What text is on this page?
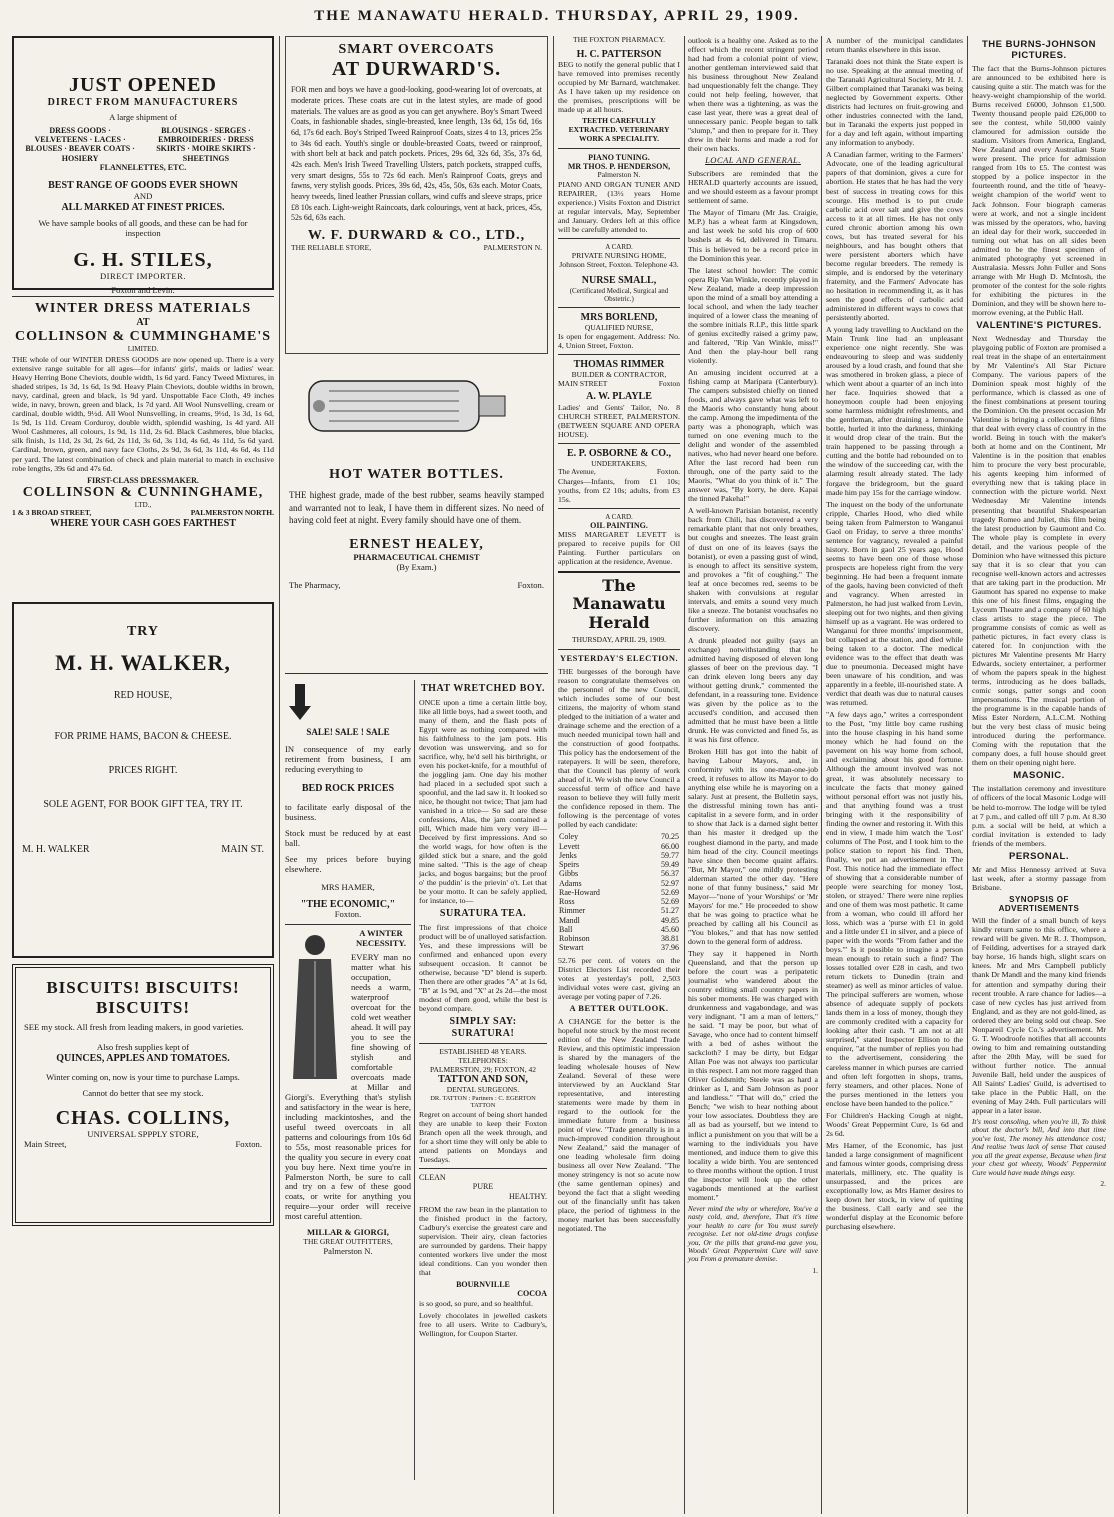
THE MANAWATU HERALD. THURSDAY, APRIL 29, 1909.
JUST OPENED
DIRECT FROM MANUFACTURERS
A large shipment of
DRESS GOODS · VELVETEENS · LACES · BLOUSES · BEAVER COATS · HOSIERY
BLOUSINGS · SERGES · EMBROIDERIES · DRESS SKIRTS · MOIRE SKIRTS · SHEETINGS
FLANNELETTES, ETC.
BEST RANGE OF GOODS EVER SHOWN
AND
ALL MARKED AT FINEST PRICES.
We have sample books of all goods, and these can be had for inspection
G. H. STILES,
DIRECT IMPORTER.
Foxton and Levin.
WINTER DRESS MATERIALS
AT
COLLINSON & CUMMINGHAME'S
LIMITED.
THE whole of our WINTER DRESS GOODS are now opened up. There is a very extensive range suitable for all ages—for infants' girls', maids or ladies' wear. Heavy Herring Bone Cheviots, double width, 1s 6d yard. Fancy Tweed Mixtures, in shaded stripes, 1s 3d, 1s 6d, 1s 9d. Heavy Plain Cheviots, double widths in brown, navy, cardinal, green and black, 1s 9d yard. Unspottable Face Cloth, 49 inches wide, in navy, brown, green and black, 1s 7d yard. All Wool Nunsvelling, cream or cardinal, double width, 9½d. All Wool Nunsvelling, in creams, 9½d, 1s 3d, 1s 6d, 1s 9d, 1s 11d. Cream Corduroy, double width, splendid washing, 1s 4d yard. All Wool Cashmeres, all colours, 1s 9d, 1s 11d, 2s 6d. Black Cashmeres, blue blacks, silk finish, 1s 11d, 2s 3d, 2s 6d, 2s 11d, 3s 6d, 3s 11d, 4s 6d, 4s 11d, 5s 6d yard. Cardinal, brown, green, and navy face Cloths, 2s 9d, 3s 6d, 3s 11d, 4s 6d, 4s 11d per yard. The latest combination of check and plain material to match in exclusive robe lengths, 39s 6d and 47s 6d.
FIRST-CLASS DRESSMAKER.
COLLINSON & CUNNINGHAME,
LTD.,
1 & 3 BROAD STREET,	PALMERSTON NORTH.
WHERE YOUR CASH GOES FARTHEST
TRY
M. H. WALKER,
RED HOUSE,
FOR PRIME HAMS, BACON & CHEESE.
PRICES RIGHT.
SOLE AGENT, FOR BOOK GIFT TEA, TRY IT.
M. H. WALKER	MAIN ST.
BISCUITS! BISCUITS! BISCUITS!
SEE my stock. All fresh from leading makers, in good varieties.
Also fresh supplies kept of
QUINCES, APPLES AND TOMATOES.
Winter coming on, now is your time to purchase Lamps.
Cannot do better that see my stock.
CHAS. COLLINS,
UNIVERSAL SPPPLY STORE,
Main Street,	Foxton.
SMART OVERCOATS
AT DURWARD'S.
FOR men and boys we have a good-looking, good-wearing lot of overcoats, at moderate prices. These coats are cut in the latest styles, are made of good materials. The values are as good as you can get anywhere. Boy's Smart Tweed Coats, in fashionable shades, single-breasted, knee length, 13s 6d, 15s 6d, 16s 6d, 17s 6d each. Boy's Striped Tweed Rainproof Coats, sizes 4 to 13, prices 25s to 34s 6d each. Youth's single or double-breasted Coats, tweed or rainproof, with short belt at back and patch pockets. Prices, 29s 6d, 32s 6d, 35s, 37s 6d, 42s each. Men's Irish Tweed Travelling Ulsters, patch pockets, strapped cuffs, very smart designs, 55s to 72s 6d each. Men's Rainproof Coats, greys and fawns, very stylish goods. Prices, 39s 6d, 42s, 45s, 50s, 63s each. Motor Coats, heavy tweeds, lined leather Prussian collars, wind cuffs and sleeve straps, price £8 10s each. Light-weight Raincoats, dark colourings, vent at back, prices, 45s, 52s 6d, 63s each.
W. F. DURWARD & CO., LTD.,
THE RELIABLE STORE,	PALMERSTON N.
HOT WATER BOTTLES.
THE highest grade, made of the best rubber, seams heavily stamped and warranted not to leak, I have them in different sizes. No need of having cold feet at night. Every family should have one of them.
ERNEST HEALEY,
PHARMACEUTICAL CHEMIST
(By Exam.)
The Pharmacy,	Foxton.
SALE! SALE ! SALE
IN consequence of my early retirement from business, I am reducing everything to
BED ROCK PRICES
to facilitate early disposal of the business.
Stock must be reduced by at east ball.
See my prices before buying elsewhere.
MRS HAMER,
"THE ECONOMIC,"
Foxton.
A WINTER NECESSITY.
EVERY man no matter what his occupation, needs a warm, waterproof overcoat for the cold wet weather ahead. It will pay you to see the fine showing of stylish and comfortable overcoats made at Millar and Giorgi's. Everything that's stylish and satisfactory in the wear is here, including mackintoshes, and the useful tweed overcoats in all patterns and colourings from 10s 6d to 55s, most reasonable prices for the quality you secure in every coat you buy here. Next time you're in Palmerston North, be sure to call and try on a few of these good coats, or write for anything you require—your order will receive most careful attention.
MILLAR & GIORGI,
THE GREAT OUTFITTERS,
Palmerston N.
THAT WRETCHED BOY.
ONCE upon a time a certain little boy, like all little boys, had a sweet tooth, and many of them, and the flash pots of Egypt were as nothing compared with his faithfulness to the jam pots. His devotion was unswerving, and so for sacrifice, why, he'd sell his birthright, or even his pocket-knife, for a mouthful of the joggling jam. One day his mother had placed in a secluded spot such a spoonful, and the lad saw it. It looked so nice, he thought not twice; That jam had vanished in a trice— So sad are these confessions, Alas, the jam contained a pill, Which made him very very ill— Deceived by first impressions. And so the world wags, for how often is the gilded stick but a snare, and the gold mine salted. "This is the age of cheap jacks, and bogus bargains; but the proof o' the puddin' is the prievin' o't. Let that be your motto. It can be safely applied, for instance, to—
SURATURA TEA.
The first impressions of that choice product will be of unalloyed satisfaction. Yes, and these impressions will be confirmed and enhanced upon every subsequent occasion. It cannot be otherwise, because "D" blend is superb. Then there are other grades "A" at 1s 6d, "B" at 1s 9d, and "X" at 2s 2d—the most modest of them good, while the best is beyond compare.
SIMPLY SAY: SURATURA!
ESTABLISHED 48 YEARS.
TELEPHONES:
PALMERSTON, 29; FOXTON, 42
TATTON AND SON,
DENTAL SURGEONS.
DR. TATTON : Partners : C. EGERTON TATTON
Regret on account of being short handed they are unable to keep their Foxton Branch open all the week through, and for a short time they will only be able to attend patients on Mondays and Tuesdays.
CLEAN
PURE
HEALTHY.
FROM the raw bean in the plantation to the finished product in the factory, Cadbury's exercise the greatest care and supervision. Their airy, clean factories are surrounded by gardens. Their happy contented workers live under the most ideal conditions. Can you wonder then that
BOURNVILLE
COCOA
is so good, so pure, and so healthful.
Lovely chocolates in jewelled caskets free to all users. Write to Cadbury's, Wellington, for Coupon Starter.
THE FOXTON PHARMACY.
H. C. PATTERSON
BEG to notify the general public that I have removed into premises recently occupied by Mr Barnard, watchmaker. As I have taken up my residence on the premises, prescriptions will be made up at all hours.
TEETH CAREFULLY EXTRACTED. VETERINARY WORK A SPECIALITY.
PIANO TUNING.
MR THOS. P. HENDERSON,
Palmerston N.
PIANO AND ORGAN TUNER AND REPAIRER, (13½ years Home experience.) Visits Foxton and District at regular intervals, May, September and January. Orders left at this office will be carefully attended to.
A CARD.
PRIVATE NURSING HOME, Johnson Street, Foxton. Telephone 43.
NURSE SMALL,
(Certificated Medical, Surgical and Obstetric.)
MRS BORLEND,
QUALIFIED NURSE,
Is open for engagement. Address: No. 4, Union Street, Foxton.
THOMAS RIMMER
BUILDER & CONTRACTOR,
MAIN STREET	Foxton
A. W. PLAYLE
Ladies' and Gents' Tailor, No. 8 CHURCH STREET, PALMERSTON. (BETWEEN SQUARE AND OPERA HOUSE).
E. P. OSBORNE & CO.,
UNDERTAKERS,
The Avenue,	Foxton.
Charges—Infants, from £1 10s; youths, from £2 10s; adults, from £3 15s.
A CARD.
OIL PAINTING.
MISS MARGARET LEVETT is prepared to receive pupils for Oil Painting. Further particulars on application at the residence, Avenue.
The Manawatu Herald
THURSDAY, APRIL 29, 1909.
YESTERDAY'S ELECTION.
THE burgesses of the borough have reason to congratulate themselves on the personnel of the new Council, which includes some of our best citizens, the majority of whom stand pledged to the initiation of a water and drainage scheme and the erection of a much needed municipal town hall and the construction of good footpaths. This policy has the endorsement of the ratepayers. It will be seen, therefore, that the Council has plenty of work ahead of it. We wish the new Council a successful term of office and have reason to believe they will fully merit the confidence reposed in them. The following is the percentage of votes polled by each candidate:
Coley	70.25
Levett	66.00
Jenks	59.77
Speirs	59.49
Gibbs	56.37
Adams	52.97
Rae-Howard	52.69
Ross	52.69
Rimmer	51.27
Mandl	49.85
Ball	45.60
Robinson	38.81
Stewart	37.96
52.76 per cent. of voters on the District Electors List recorded their votes at yesterday's poll, 2,503 individual votes were cast, giving an average per voting paper of 7.26.
A BETTER OUTLOOK.
A CHANGE for the better is the hopeful note struck by the most recent edition of the New Zealand Trade Review, and this optimistic impression is shared by the managers of the leading wholesale houses of New Zealand. Several of these were interviewed by an Auckland Star representative, and interesting statements were made by them in regard to the outlook for the immediate future from a business point of view. "Trade generally is in a much-improved condition throughout New Zealand," said the manager of one leading wholesale firm doing business all over New Zealand. "The money stringency is not so acute now (the same gentleman opines) and beyond the fact that a slight weeding out of the financially unfit has taken place, the period of tightness in the money market has been successfully negotiated. The
outlook is a healthy one. Asked as to the effect which the recent stringent period had had from a colonial point of view, another gentleman interviewed said that his business throughout New Zealand had unquestionably felt the change. They could not help feeling, however, that when there was a tightening, as was the case last year, there was a great deal of unnecessary panic. People began to talk "slump," and then to prepare for it. They drew in their horns and made a rod for their own backs.
LOCAL AND GENERAL.
Subscribers are reminded that the HERALD quarterly accounts are issued, and we should esteem as a favour prompt settlement of same.
The Mayor of Timaru (Mr Jas. Craigie, M.P.) has a wheat farm at Kingsdown, and last week he sold his crop of 600 bushels at 4s 6d, delivered in Timaru. This is believed to be a record price in the Dominion this year.
The latest school howler: The comic opera Rip Van Winkle, recently played in New Zealand, made a deep impression upon the mind of a small boy attending a local school, and when the lady teacher inquired of a lower class the meaning of the sombre initials R.I.P., this little spark of genius excitedly raised a grimy paw, and faltered, "Rip Van Winkle, miss!" And then the play-hour bell rang violently.
An amusing incident occurred at a fishing camp at Maripara (Canterbury). The campers subsisted chiefly on tinned foods, and always gave what was left to the Maoris who constantly hung about the camp. Among the impedimenta of the party was a phonograph, which was turned on one evening much to the delight and wonder of the assembled natives, who had never heard one before. After the last record had been run through, one of the party said to the Maoris, "What do you think of it." The answer was, "By korry, he dere. Kapai the tinned Pakeha!"
A well-known Parisian botanist, recently back from Chili, has discovered a very remarkable plant that not only breathes, but coughs and sneezes. The least grain of dust on one of its leaves (says the botanist), or even a passing gust of wind, is enough to affect its sensitive system, and provokes a "fit of coughing." The leaf at once becomes red, seems to be shaken with convulsions at regular intervals, and emits a sound very much like a sneeze. The botanist vouchsafes no further information on this amazing discovery.
A drunk pleaded not guilty (says an exchange) notwithstanding that he admitted having disposed of eleven long glasses of beer on the previous day. "I can drink eleven long beers any day without getting drunk," commented the defendant, in a reassuring tone. Evidence was given by the police as to the accused's condition, and accused then admitted that he must have been a little drunk. He was convicted and fined 5s, as it was his first offence.
Broken Hill has got into the habit of having Labour Mayors, and, in conformity with its one-man-one-job creed, it refuses to allow its Mayor to do anything else while he is mayoring on a salary. Just at present, the Bulletin says, the distressful mining town has anti-capitalist in a severe form, and in order to show that Jack is a darned sight better than his master it dredged up the roughest diamond in the party, and made him head of the city. Council meetings have since then become quaint affairs. "But, Mr Mayor," one mildly protesting alderman started the other day. "Here none of that funny business," said Mr Mayor—"none of 'your Worships' or 'Mr Mayors' for me." He proceeded to show that he was going to practice what he preached by calling all his Council as "You blokes," and that has now settled down to the general form of address.
They say it happened in North Queensland, and that the person up before the court was a peripatetic journalist who wandered about the country editing small country papers in his sober moments. He was charged with drunkenness and vagabondage, and was very indignant. "I am a man of letters," he said. "I may be poor, but what of Savage, who once had to content himself with a bed of ashes without the sackcloth? I may be dirty, but Edgar Allan Poe was not always too particular in this respect. I am not more ragged than Oliver Goldsmith; Steele was as hard a drinker as I, and Sam Johnson as poor and landless." "That will do," cried the Bench; "we wish to hear nothing about your low associates. Doubtless they are all as bad as yourself, but we intend to inflict a punishment on you that will be a warning to the individuals you have mentioned, and induce them to give this locality a wide birth. You are sentenced to three months without the option. I trust the inspector will look up the other vagabonds mentioned at the earliest moment."
Never mind the why or wherefore, You've a nasty cold, and, therefore, That it's time your health to care for You must surely recognise. Let not old-time drugs confuse you, Or the pills that grand-ma gave you, Woods' Great Peppermint Cure will save you From a premature demise.
1.
A number of the municipal candidates return thanks elsewhere in this issue.
Taranaki does not think the State expert is no use. Speaking at the annual meeting of the Taranaki Agricultural Society, Mr H. J. Gilbert complained that Taranaki was being neglected by Government experts. Other districts had lectures on fruit-growing and other industries connected with the land, but in Taranaki the experts just popped in for a day and left again, without imparting any information to anybody.
A Canadian farmer, writing to the Farmers' Advocate, one of the leading agricultural papers of that dominion, gives a cure for abortion. He states that he has had the very best of success in treating cows for this scourge. His method is to put crude carbolic acid over salt and give the cows access to it at all times. He has not only cured chronic abortion among his own cows, but has treated several for his neighbours, and has bought others that were persistent aborters which have become regular breeders. The remedy is simple, and is endorsed by the veterinary fraternity, and the Farmers' Advocate has no hesitation in recommending it, as it has seen the good effects of carbolic acid administered in different ways to cows that persistently aborted.
A young lady travelling to Auckland on the Main Trunk line had an unpleasant experience one night recently. She was endeavouring to sleep and was suddenly aroused by a loud crash, and found that she was smothered in broken glass, a piece of which went about a quarter of an inch into her face. Inquiries showed that a honeymoon couple had been enjoying some harmless midnight refreshments, and the gentleman, after draining a lemonade bottle, hurled it into the darkness, thinking it would drop clear of the train. But the train happened to be passing through a cutting and the bottle had rebounded on to the window of the succeeding car, with the alarming result already stated. The lady forgave the bridegroom, but the guard made him pay 15s for the carriage window.
The inquest on the body of the unfortunate cripple, Charles Hood, who died while being taken from Palmerston to Wanganui Gaol on Friday, to serve a three months' sentence for vagrancy, revealed a painful history. Born in gaol 25 years ago, Hood seems to have been one of those whose prospects are hopeless right from the very beginning. He had been a frequent inmate of the gaols, having been convicted of theft and vagrancy. When arrested in Palmerston, he had just walked from Levin, sleeping out for two nights, and then giving himself up as a vagrant. He was ordered to Wanganui for three months' imprisonment, but collapsed at the station, and died while being taken to a doctor. The medical evidence was to the effect that death was due to pneumonia. Deceased might have been unaware of his condition, and was apparently in a feeble, ill-nourished state. A verdict that death was due to natural causes was returned.
"A few days ago," writes a correspondent to the Post, "my little boy came rushing into the house clasping in his hand some money which he had found on the pavement on his way home from school, and exclaiming about his good fortune. Although the amount involved was not great, it was absolutely necessary to inculcate the facts that money gained without personal effort was not justly his, and that anything found was a trust bringing with it the responsibility of finding the owner and restoring it. With this end in view, I made him watch the 'Lost' columns of The Post, and I took him to the police station to report his find. Then, finally, we put an advertisement in The Post. This notice had the immediate effect of showing that a considerable number of people were searching for money 'lost, stolen, or strayed.' There were nine replies and one of them was most pathetic. It came from a woman, who could ill afford her loss, which was a 'purse with £1 in gold and a little under £1 in silver, and a piece of paper with the words "From father and the boys."' Is it possible to imagine a person mean enough to retain such a find? The losses totalled over £28 in cash, and two return tickets to Dunedin (train and steamer) as well as minor articles of value. The principal sufferers are women, whose absence of adequate supply of pockets lands them in a loss of money, though they are commonly credited with a capacity for looking after their cash. "I am not at all surprised," stated Inspector Ellison to the enquirer, "at the number of replies you had to the advertisement, considering the careless manner in which purses are carried and often left forgotten in shops, trams, ferry steamers, and other places. None of the purses mentioned in the letters you enclose have been handed to the police."
For Children's Hacking Cough at night, Woods' Great Peppermint Cure, 1s 6d and 2s 6d.
Mrs Hamer, of the Economic, has just landed a large consignment of magnificent and famous winter goods, comprising dress materials, millinery, etc. The quality is unsurpassed, and the prices are exceptionally low, as Mrs Hamer desires to keep down her stock, in view of quitting the business. Call early and see the wonderful display at the Economic before purchasing elsewhere.
THE BURNS-JOHNSON PICTURES.
The fact that the Burns-Johnson pictures are announced to be exhibited here is causing quite a stir. The match was for the heavy-weight championship of the world. Burns received £6000, Johnson £1,500. Twenty thousand people paid £26,000 to see the contest, while 50,000 vainly clamoured for admission outside the stadium. Visitors from America, England, New Zealand and every Australian State were present. The price for admission ranged from 10s to £5. The contest was stopped by a police inspector in the fourteenth round, and the title of 'heavy-weight champion of the world' went to Jack Johnson. Four biograph cameras were at work, and not a single incident was missed by the operators, who, having an ideal day for their work, succeeded in turning out what has on all sides been admitted to be the finest specimen of animated photography yet screened in Australasia. Messrs John Fuller and Sons arrange with Mr Hugh D. McIntosh, the promoter of the contest for the sole rights for exhibiting the pictures in the Dominion, and they will be shown here to-morrow evening, at the Public Hall.
VALENTINE'S PICTURES.
Next Wednesday and Thursday the playgoing public of Foxton are promised a real treat in the shape of an entertainment by Mr Valentine's All Star Picture Company. The various papers of the Dominion speak most highly of the performance, which is classed as one of the finest combinations at present touring the Dominion. On the present occasion Mr Valentine is bringing a collection of films that deal with every class of country in the world. Being in touch with the maker's both at home and on the Continent, Mr Valentine is in the position that enables him to procure the very best procurable, his agents keeping him informed of everything new that is taking place in connection with the picture world. Next Wednesday Mr Valentine intends presenting that beautiful Shakespearian tragedy Romeo and Juliet, this film being the latest production by Gaumont and Co. The whole play is complete in every detail, and the various people of the Dominion who have witnessed this picture say that it is so clear that you can recognise well-known actors and actresses that are taking part in the production. Mr Gaumont has spared no expense to make this one of his finest films, engaging the Lyceum Theatre and a company of 60 high class artists to stage the piece. The programme consists of comic as well as pathetic pictures, in fact every class is catered for. In conjunction with the pictures Mr Valentine presents Mr Harry Edwards, society entertainer, a performer of whom the papers speak in the highest terms, introducing as he does ballads, comic songs, patter songs and coon impersonations. The musical portion of the programme is in the capable hands of Miss Ester Nordern, A.L.C.M. Nothing but the very best class of music being introduced during the performance. Coming with the reputation that the company does, a full house should greet them on their opening night here.
MASONIC.
The installation ceremony and investiture of officers of the local Masonic Lodge will be held to-morrow. The lodge will be tyled at 7 p.m., and called off till 7 p.m. At 8.30 p.m. a social will be held, at which a cordial invitation is extended to lady friends of the members.
PERSONAL.
Mr and Miss Hennessy arrived at Suva last week, after a stormy passage from Brisbane.
SYNOPSIS OF ADVERTISEMENTS
Will the finder of a small bunch of keys kindly return same to this office, where a reward will be given. Mr R. J. Thompson, of Feilding, advertises for a strayed dark bay horse, 16 hands high, slight scars on knees. Mr and Mrs Campbell publicly thank Dr Mandl and the many kind friends for attention and sympathy during their recent trouble. A rare chance for ladies—a case of new cycles has just arrived from England, and as they are not gold-lined, as ordered they are being sold out cheap. See Nonpareil Cycle Co.'s advertisement. Mr G. T. Woodroofe notifies that all accounts owing to him and remaining outstanding after the 20th May, will be sued for without further notice. The annual Juvenile Ball, held under the auspices of All Saints' Ladies' Guild, is advertised to take place in the Public Hall, on the evening of May 24th. Full particulars will appear in a later issue.
It's most consoling, when you're ill, To think about the doctor's bill, And into that time you've lost, The money his attendance cost; And realise 'twas lack of sense That caused you all the great expense, Because when first your chest got wheezy, Woods' Peppermint Cure would have made things easy.
2.
